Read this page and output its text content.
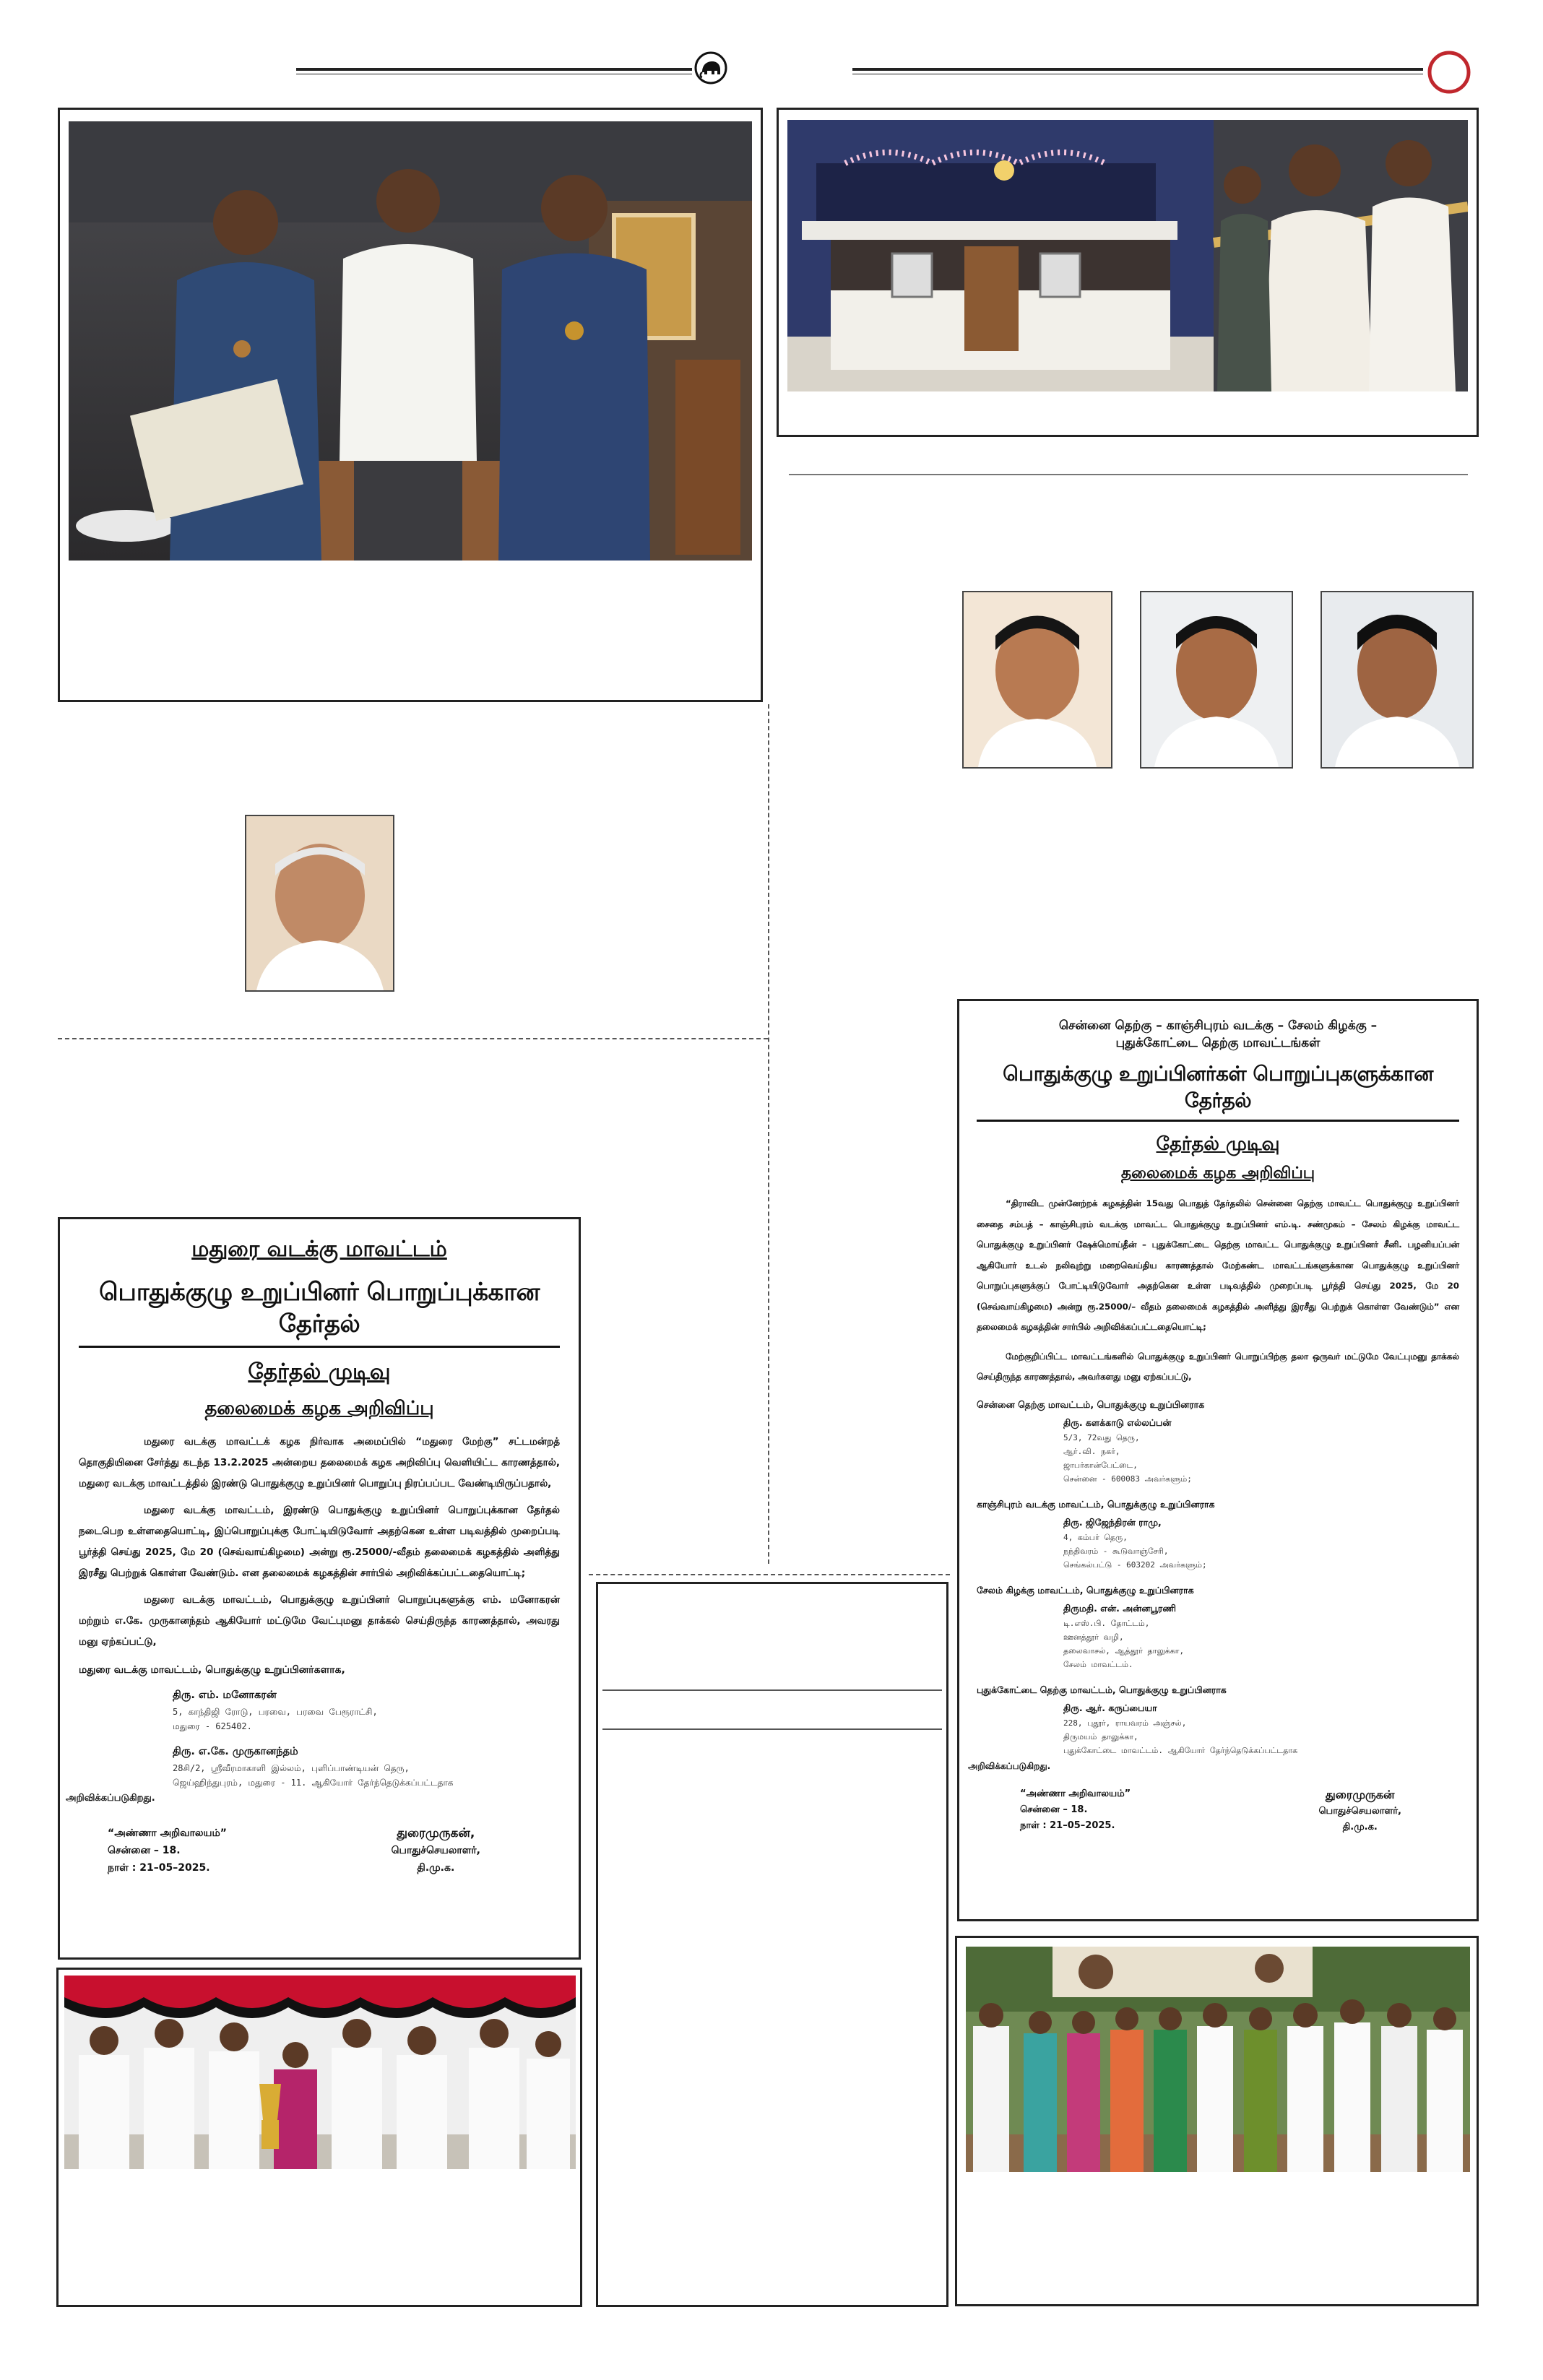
மதுரை வடக்கு மாவட்டம்
பொதுக்குழு உறுப்பினர் பொறுப்புக்கான தேர்தல்
தேர்தல் முடிவு
தலைமைக் கழக அறிவிப்பு
மதுரை வடக்கு மாவட்டக் கழக நிர்வாக அமைப்பில் “மதுரை மேற்கு” சட்டமன்றத் தொகுதியினை சேர்த்து கடந்த 13.2.2025 அன்றைய தலைமைக் கழக அறிவிப்பு வெளியிட்ட காரணத்தால், மதுரை வடக்கு மாவட்டத்தில் இரண்டு பொதுக்குழு உறுப்பினர் பொறுப்பு நிரப்பப்பட வேண்டியிருப்பதால்,
மதுரை வடக்கு மாவட்டம், இரண்டு பொதுக்குழு உறுப்பினர் பொறுப்புக்கான தேர்தல் நடைபெற உள்ளதையொட்டி, இப்பொறுப்புக்கு போட்டியிடுவோர் அதற்கென உள்ள படிவத்தில் முறைப்படி பூர்த்தி செய்து 2025, மே 20 (செவ்வாய்கிழமை) அன்று ரூ.25000/-வீதம் தலைமைக் கழகத்தில் அளித்து இரசீது பெற்றுக் கொள்ள வேண்டும். என தலைமைக் கழகத்தின் சார்பில் அறிவிக்கப்பட்டதையொட்டி;
மதுரை வடக்கு மாவட்டம், பொதுக்குழு உறுப்பினர் பொறுப்புகளுக்கு எம். மனோகரன் மற்றும் எ.கே. முருகானந்தம் ஆகியோர் மட்டுமே வேட்புமனு தாக்கல் செய்திருந்த காரணத்தால், அவரது மனு ஏற்கப்பட்டு,
மதுரை வடக்கு மாவட்டம், பொதுக்குழு உறுப்பினர்களாக,
திரு. எம். மனோகரன்
5, காந்திஜி ரோடு, பரவை, பரவை பேரூராட்சி,
மதுரை - 625402.
திரு. எ.கே. முருகானந்தம்
28சி/2, ஸ்ரீவீரமாகாளி இல்லம், புளிப்பாண்டியன் தெரு,
ஜெய்ஹிந்துபுரம், மதுரை - 11. ஆகியோர் தேர்ந்தெடுக்கப்பட்டதாக
அறிவிக்கப்படுகிறது.
“அண்ணா அறிவாலயம்”
சென்னை – 18.
நாள் : 21–05–2025.
துரைமுருகன்,
பொதுச்செயலாளர்,
தி.மு.க.
சென்னை தெற்கு – காஞ்சிபுரம் வடக்கு – சேலம் கிழக்கு –
புதுக்கோட்டை தெற்கு மாவட்டங்கள்
பொதுக்குழு உறுப்பினர்கள் பொறுப்புகளுக்கான தேர்தல்
தேர்தல் முடிவு
தலைமைக் கழக அறிவிப்பு
“திராவிட முன்னேற்றக் கழகத்தின் 15வது பொதுத் தேர்தலில் சென்னை தெற்கு மாவட்ட பொதுக்குழு உறுப்பினர் சைதை சம்பத் – காஞ்சிபுரம் வடக்கு மாவட்ட பொதுக்குழு உறுப்பினர் எம்.டி. சண்முகம் – சேலம் கிழக்கு மாவட்ட பொதுக்குழு உறுப்பினர் ஷேக்மொய்தீன் – புதுக்கோட்டை தெற்கு மாவட்ட பொதுக்குழு உறுப்பினர் சீனி. பழனியப்பன் ஆகியோர் உடல் நலிவுற்று மறைவெய்திய காரணத்தால் மேற்கண்ட மாவட்டங்களுக்கான பொதுக்குழு உறுப்பினர் பொறுப்புகளுக்குப் போட்டியிடுவோர் அதற்கென உள்ள படிவத்தில் முறைப்படி பூர்த்தி செய்து 2025, மே 20 (செவ்வாய்கிழமை) அன்று ரூ.25000/– வீதம் தலைமைக் கழகத்தில் அளித்து இரசீது பெற்றுக் கொள்ள வேண்டும்” என தலைமைக் கழகத்தின் சார்பில் அறிவிக்கப்பட்டதையொட்டி;
மேற்குறிப்பிட்ட மாவட்டங்களில் பொதுக்குழு உறுப்பினர் பொறுப்பிற்கு தலா ஒருவர் மட்டுமே வேட்புமனு தாக்கல் செய்திருந்த காரணத்தால், அவர்களது மனு ஏற்கப்பட்டு,
சென்னை தெற்கு மாவட்டம், பொதுக்குழு உறுப்பினராக
திரு. களக்காடு எல்லப்பன்
5/3, 72வது தெரு,
ஆர்.வி. நகர்,
ஜாபர்கான்பேட்டை,
சென்னை - 600083 அவர்களும்;
காஞ்சிபுரம் வடக்கு மாவட்டம், பொதுக்குழு உறுப்பினராக
திரு. ஜிஜேந்திரன் ராமு,
4, கம்பர் தெரு,
நந்திவரம் - கூடுவாஞ்சேரி,
செங்கல்பட்டு - 603202 அவர்களும்;
சேலம் கிழக்கு மாவட்டம், பொதுக்குழு உறுப்பினராக
திருமதி. என். அன்னபூரணி
டி.எஸ்.பி. தோட்டம்,
ஊனத்தூர் வழி,
தலைவாசல், ஆத்தூர் தாலுக்கா,
சேலம் மாவட்டம்.
புதுக்கோட்டை தெற்கு மாவட்டம், பொதுக்குழு உறுப்பினராக
திரு. ஆர். கருப்பையா
228, புதூர், ராயவரம் அஞ்சல்,
திருமயம் தாலுக்கா,
புதுக்கோட்டை மாவட்டம். ஆகியோர் தேர்ந்தெடுக்கப்பட்டதாக
அறிவிக்கப்படுகிறது.
“அண்ணா அறிவாலயம்”
சென்னை – 18.
நாள் : 21–05–2025.
துரைமுருகன்
பொதுச்செயலாளர்,
தி.மு.க.
